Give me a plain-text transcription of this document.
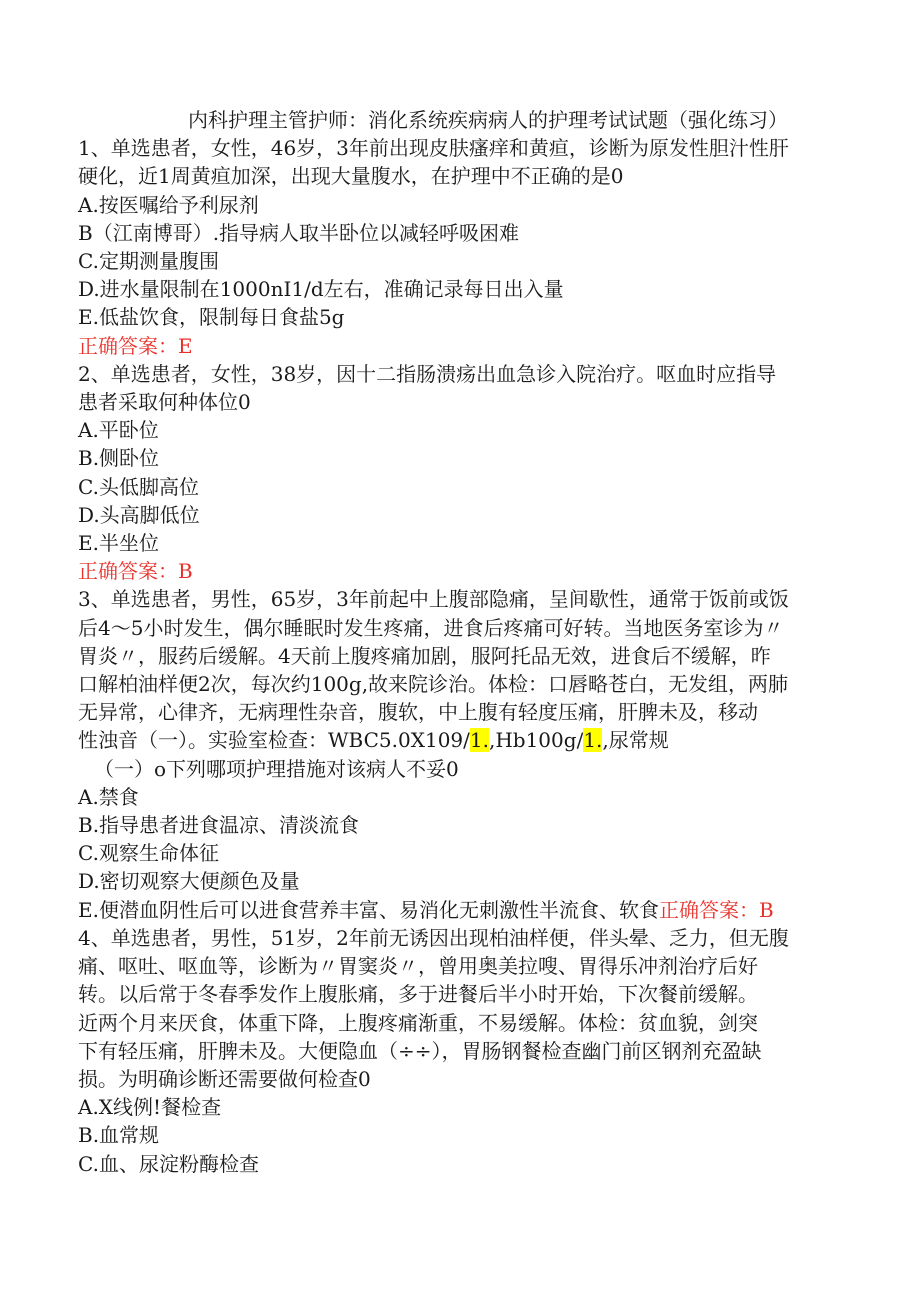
内科护理主管护师：消化系统疾病病人的护理考试试题（强化练习）
1、单选患者，女性，46岁，3年前出现皮肤瘙痒和黄疸，诊断为原发性胆汁性肝
硬化，近1周黄疸加深，出现大量腹水，在护理中不正确的是0
A.按医嘱给予利尿剂
B（江南博哥）.指导病人取半卧位以减轻呼吸困难
C.定期测量腹围
D.进水量限制在1000nI1/d左右，准确记录每日出入量
E.低盐饮食，限制每日食盐5g
正确答案：E
2、单选患者，女性，38岁，因十二指肠溃疡出血急诊入院治疗。呕血时应指导
患者采取何种体位0
A.平卧位
B.侧卧位
C.头低脚高位
D.头高脚低位
E.半坐位
正确答案：B
3、单选患者，男性，65岁，3年前起中上腹部隐痛，呈间歇性，通常于饭前或饭
后4～5小时发生，偶尔睡眠时发生疼痛，进食后疼痛可好转。当地医务室诊为〃
胃炎〃，服药后缓解。4天前上腹疼痛加剧，服阿托品无效，进食后不缓解，昨
口解柏油样便2次，每次约100g,故来院诊治。体检：口唇略苍白，无发组，两肺
无异常，心律齐，无病理性杂音，腹软，中上腹有轻度压痛，肝脾未及，移动
性浊音（一）。实验室检查：WBC5.0X109/1.,Hb100g/1.,尿常规
（一）o下列哪项护理措施对该病人不妥0
A.禁食
B.指导患者进食温凉、清淡流食
C.观察生命体征
D.密切观察大便颜色及量
E.便潜血阴性后可以进食营养丰富、易消化无刺激性半流食、软食正确答案：B
4、单选患者，男性，51岁，2年前无诱因出现柏油样便，伴头晕、乏力，但无腹
痛、呕吐、呕血等，诊断为〃胃窦炎〃，曾用奥美拉嗖、胃得乐冲剂治疗后好
转。以后常于冬春季发作上腹胀痛，多于进餐后半小时开始，下次餐前缓解。
近两个月来厌食，体重下降，上腹疼痛渐重，不易缓解。体检：贫血貌，剑突
下有轻压痛，肝脾未及。大便隐血（÷÷），胃肠钢餐检查幽门前区钢剂充盈缺
损。为明确诊断还需要做何检查0
A.X线例!餐检查
B.血常规
C.血、尿淀粉酶检查
